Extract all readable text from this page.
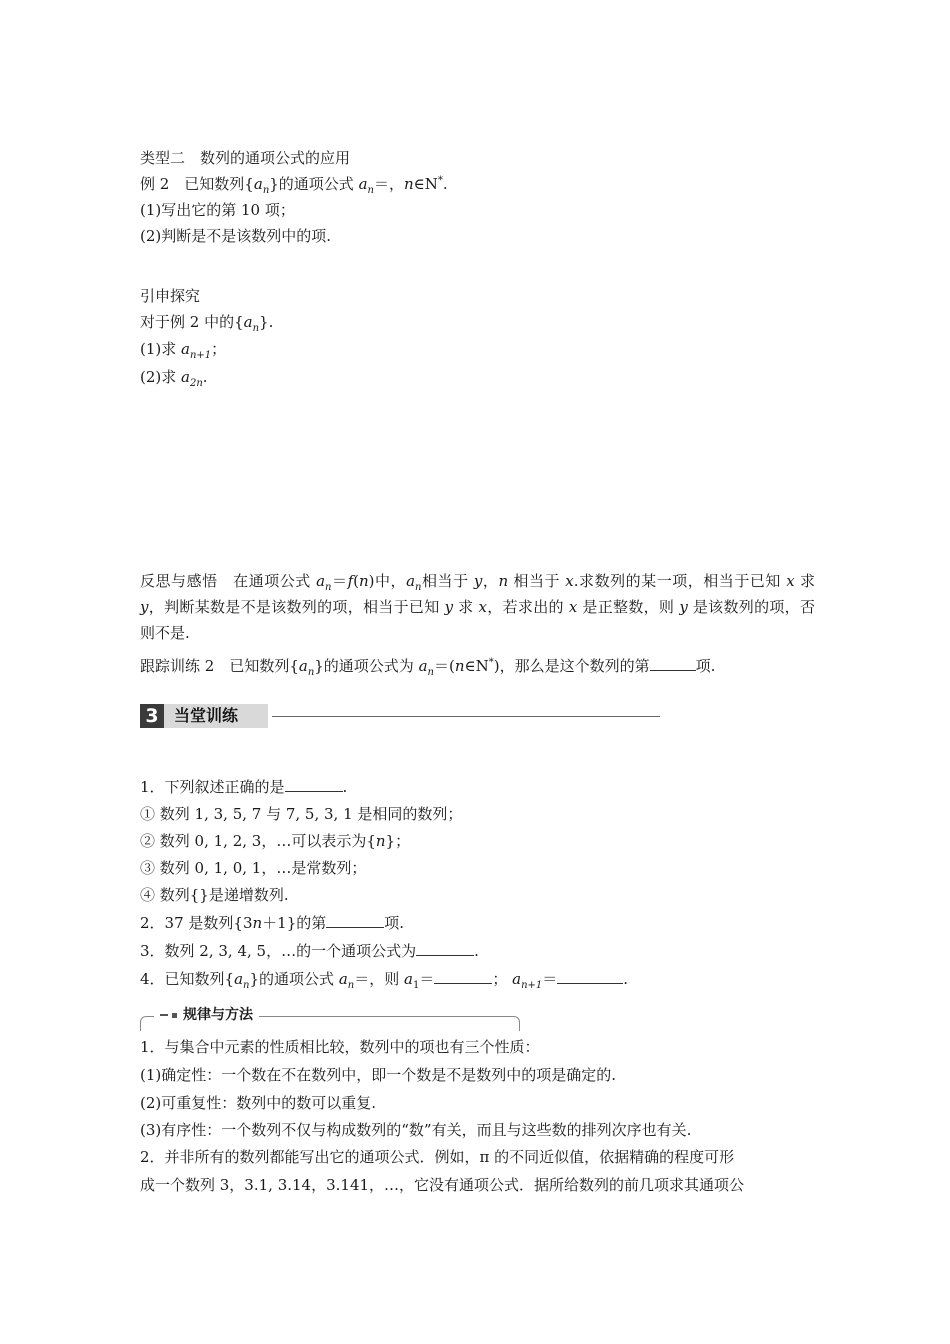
类型二　数列的通项公式的应用
例 2　已知数列$\{a_n\}$的通项公式 $a_n=$，n∈N*.
(1)写出它的第 10 项；
(2)判断是不是该数列中的项.
引申探究
对于例 2 中的$\{a_n\}$.
(1)求 $a_{n+1}$；
(2)求 $a_{2n}$.
反思与感悟　在通项公式 $a_n=f(n)$中，$a_n$相当于 y，n 相当于 x.求数列的某一项，相当于已知 x 求 y，判断某数是不是该数列的项，相当于已知 y 求 x，若求出的 x 是正整数，则 y 是该数列的项，否则不是.
跟踪训练 2　已知数列$\{a_n\}$的通项公式为 $a_n=(n\in N^*)$，那么是这个数列的第	项.
3 当堂训练
1．下列叙述正确的是	.
① 数列 1, 3, 5, 7 与 7, 5, 3, 1 是相同的数列；
② 数列 0, 1, 2, 3，…可以表示为{n}；
③ 数列 0, 1, 0, 1，…是常数列；
④ 数列{}是递增数列.
2．37 是数列{3n＋1}的第	项.
3．数列 2, 3, 4, 5，…的一个通项公式为	.
4．已知数列$\{a_n\}$的通项公式 $a_n=$，则 $a_1=$	； $a_{n+1}=$	.
规律与方法
1．与集合中元素的性质相比较，数列中的项也有三个性质：
(1)确定性：一个数在不在数列中，即一个数是不是数列中的项是确定的.
(2)可重复性：数列中的数可以重复.
(3)有序性：一个数列不仅与构成数列的“数”有关，而且与这些数的排列次序也有关.
2．并非所有的数列都能写出它的通项公式．例如，π 的不同近似值，依据精确的程度可形
成一个数列 3，3.1, 3.14，3.141，…，它没有通项公式．据所给数列的前几项求其通项公
